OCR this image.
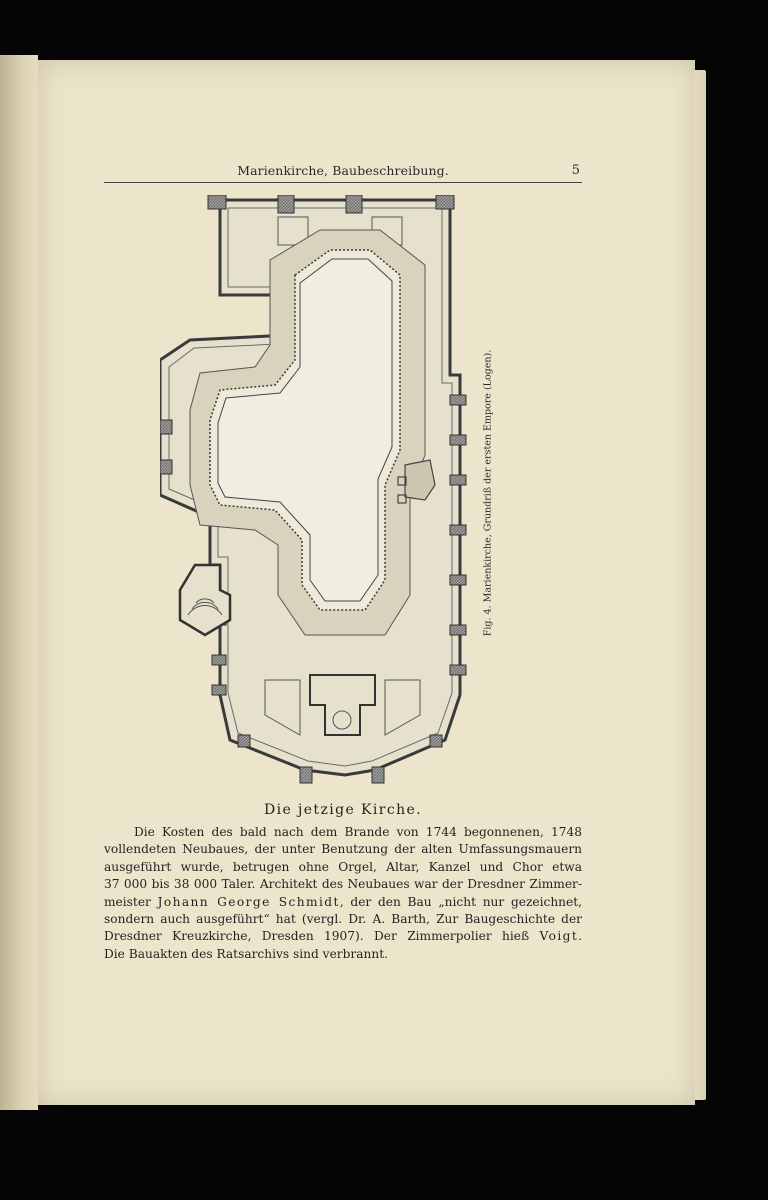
Marienkirche, Baubeschreibung.	5
Fig. 4. Marienkirche, Grundriß der ersten Empore (Logen).
Die jetzige Kirche.
Die Kosten des bald nach dem Brande von 1744 begonnenen, 1748
vollendeten Neubaues, der unter Benutzung der alten Umfassungsmauern
ausgeführt wurde, betrugen ohne Orgel, Altar, Kanzel und Chor etwa
37 000 bis 38 000 Taler. Architekt des Neubaues war der Dresdner Zimmer-
meister Johann George Schmidt, der den Bau „nicht nur gezeichnet,
sondern auch ausgeführt“ hat (vergl. Dr. A. Barth, Zur Baugeschichte der
Dresdner Kreuzkirche, Dresden 1907). Der Zimmerpolier hieß Voigt.
Die Bauakten des Ratsarchivs sind verbrannt.
